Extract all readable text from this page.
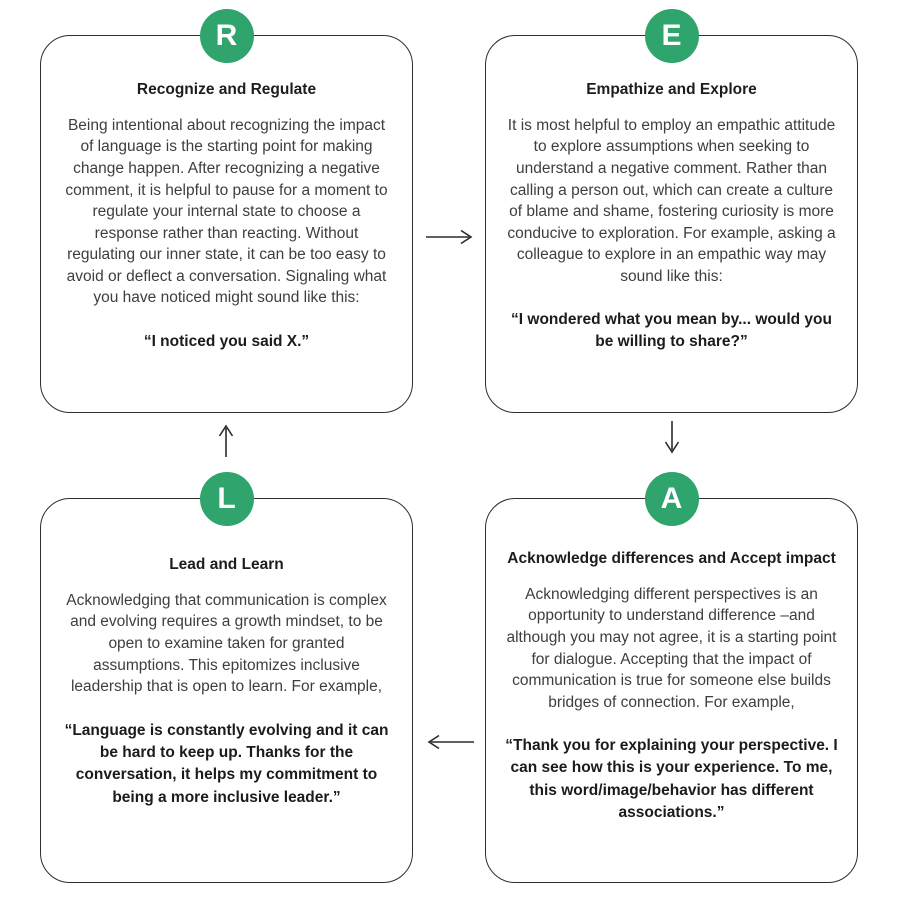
R
Recognize and Regulate
Being intentional about recognizing the impact of language is the starting point for making change happen. After recognizing a negative comment, it is helpful to pause for a moment to regulate your internal state to choose a response rather than reacting. Without regulating our inner state, it can be too easy to avoid or deflect a conversation. Signaling what you have noticed might sound like this:
“I noticed you said X.”
E
Empathize and Explore
It is most helpful to employ an empathic attitude to explore assumptions when seeking to understand a negative comment. Rather than calling a person out, which can create a culture of blame and shame, fostering curiosity is more conducive to exploration. For example, asking a colleague to explore in an empathic way may sound like this:
“I wondered what you mean by... would you be willing to share?”
L
Lead and Learn
Acknowledging that communication is complex and evolving requires a growth mindset, to be open to examine taken for granted assumptions. This epitomizes inclusive leadership that is open to learn. For example,
“Language is constantly evolving and it can be hard to keep up. Thanks for the conversation, it helps my commitment to being a more inclusive leader.”
A
Acknowledge differences and Accept impact
Acknowledging different perspectives is an opportunity to understand difference –and although you may not agree, it is a starting point for dialogue. Accepting that the impact of communication is true for someone else builds bridges of connection. For example,
“Thank you for explaining your perspective. I can see how this is your experience. To me, this word/image/​behavior has different associations.”
